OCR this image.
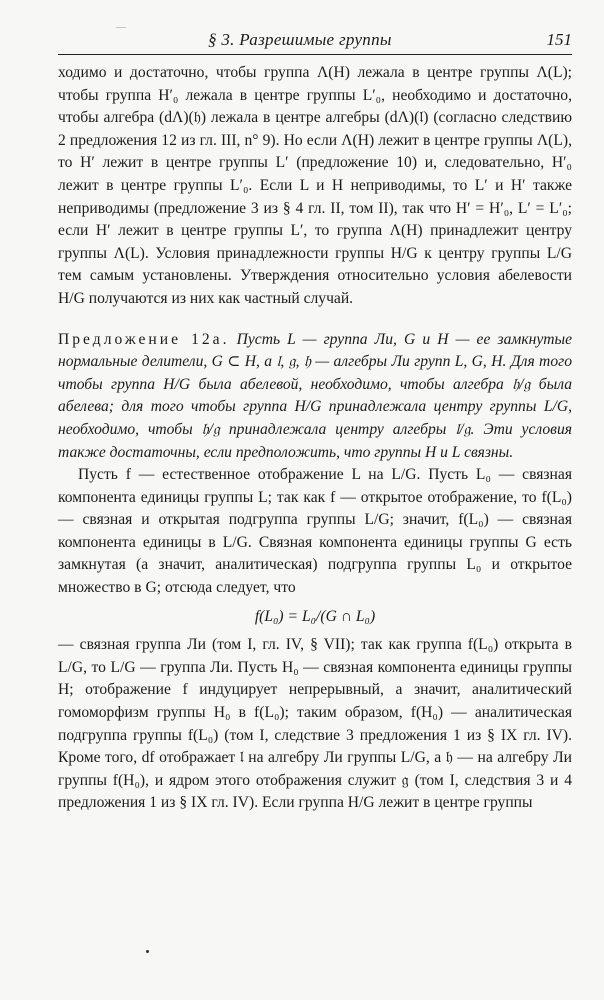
—
§ 3. Разрешимые группы	151

ходимо и достаточно, чтобы группа Λ(H) лежала в центре группы Λ(L); чтобы группа H′₀ лежала в центре группы L′₀, необходимо и достаточно, чтобы алгебра (dΛ)(𝔥) лежала в центре алгебры (dΛ)(𝔩) (согласно следствию 2 предложения 12 из гл. III, n° 9). Но если Λ(H) лежит в центре группы Λ(L), то H′ лежит в центре группы L′ (предложение 10) и, следовательно, H′₀ лежит в центре группы L′₀. Если L и H неприводимы, то L′ и H′ также неприводимы (предложение 3 из § 4 гл. II, том II), так что H′ = H′₀, L′ = L′₀; если H′ лежит в центре группы L′, то группа Λ(H) принадлежит центру группы Λ(L). Условия принадлежности группы H/G к центру группы L/G тем самым установлены. Утверждения относительно условия абелевости H/G получаются из них как частный случай.

Предложение 12а. Пусть L — группа Ли, G и H — ее замкнутые нормальные делители, G ⊂ H, а 𝔩, 𝔤, 𝔥 — алгебры Ли групп L, G, H. Для того чтобы группа H/G была абелевой, необходимо, чтобы алгебра 𝔥/𝔤 была абелева; для того чтобы группа H/G принадлежала центру группы L/G, необходимо, чтобы 𝔥/𝔤 принадлежала центру алгебры 𝔩/𝔤. Эти условия также достаточны, если предположить, что группы H и L связны.

Пусть f — естественное отображение L на L/G. Пусть L₀ — связная компонента единицы группы L; так как f — открытое отображение, то f(L₀) — связная и открытая подгруппа группы L/G; значит, f(L₀) — связная компонента единицы в L/G. Связная компонента единицы группы G есть замкнутая (а значит, аналитическая) подгруппа группы L₀ и открытое множество в G; отсюда следует, что

f(L₀) = L₀/(G ∩ L₀)

— связная группа Ли (том I, гл. IV, § VII); так как группа f(L₀) открыта в L/G, то L/G — группа Ли. Пусть H₀ — связная компонента единицы группы H; отображение f индуцирует непрерывный, а значит, аналитический гомоморфизм группы H₀ в f(L₀); таким образом, f(H₀) — аналитическая подгруппа группы f(L₀) (том I, следствие 3 предложения 1 из § IX гл. IV). Кроме того, df отображает 𝔩 на алгебру Ли группы L/G, а 𝔥 — на алгебру Ли группы f(H₀), и ядром этого отображения служит 𝔤 (том I, следствия 3 и 4 предложения 1 из § IX гл. IV). Если группа H/G лежит в центре группы
